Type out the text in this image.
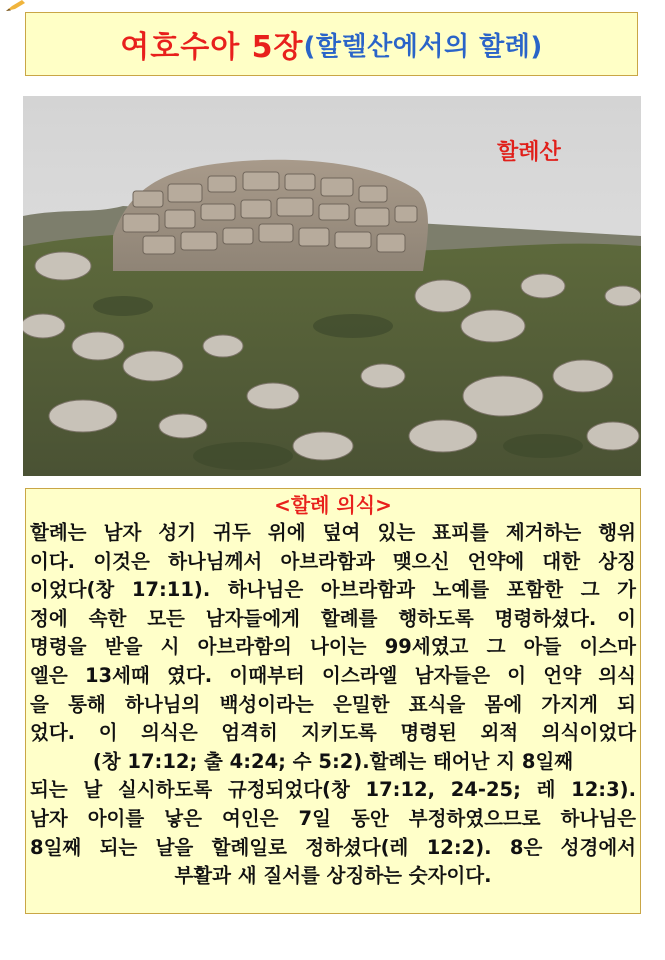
여호수아 5장 (할렐산에서의 할례)
할례산
<할례 의식>
할례는 남자 성기 귀두 위에 덮여 있는 표피를 제거하는 행위
이다. 이것은 하나님께서 아브라함과 맺으신 언약에 대한 상징
이었다(창 17:11). 하나님은 아브라함과 노예를 포함한 그 가
정에 속한 모든 남자들에게 할례를 행하도록 명령하셨다. 이
명령을 받을 시 아브라함의 나이는 99세였고 그 아들 이스마
엘은 13세때 였다. 이때부터 이스라엘 남자들은 이 언약 의식
을 통해 하나님의 백성이라는 은밀한 표식을 몸에 가지게 되
었다. 이 의식은 엄격히 지키도록 명령된 외적 의식이었다
(창 17:12; 출 4:24; 수 5:2).할례는 태어난 지 8일째
되는 날 실시하도록 규정되었다(창 17:12, 24-25; 레 12:3).
남자 아이를 낳은 여인은 7일 동안 부정하였으므로 하나님은
8일째 되는 날을 할례일로 정하셨다(레 12:2). 8은 성경에서
부활과 새 질서를 상징하는 숫자이다.
